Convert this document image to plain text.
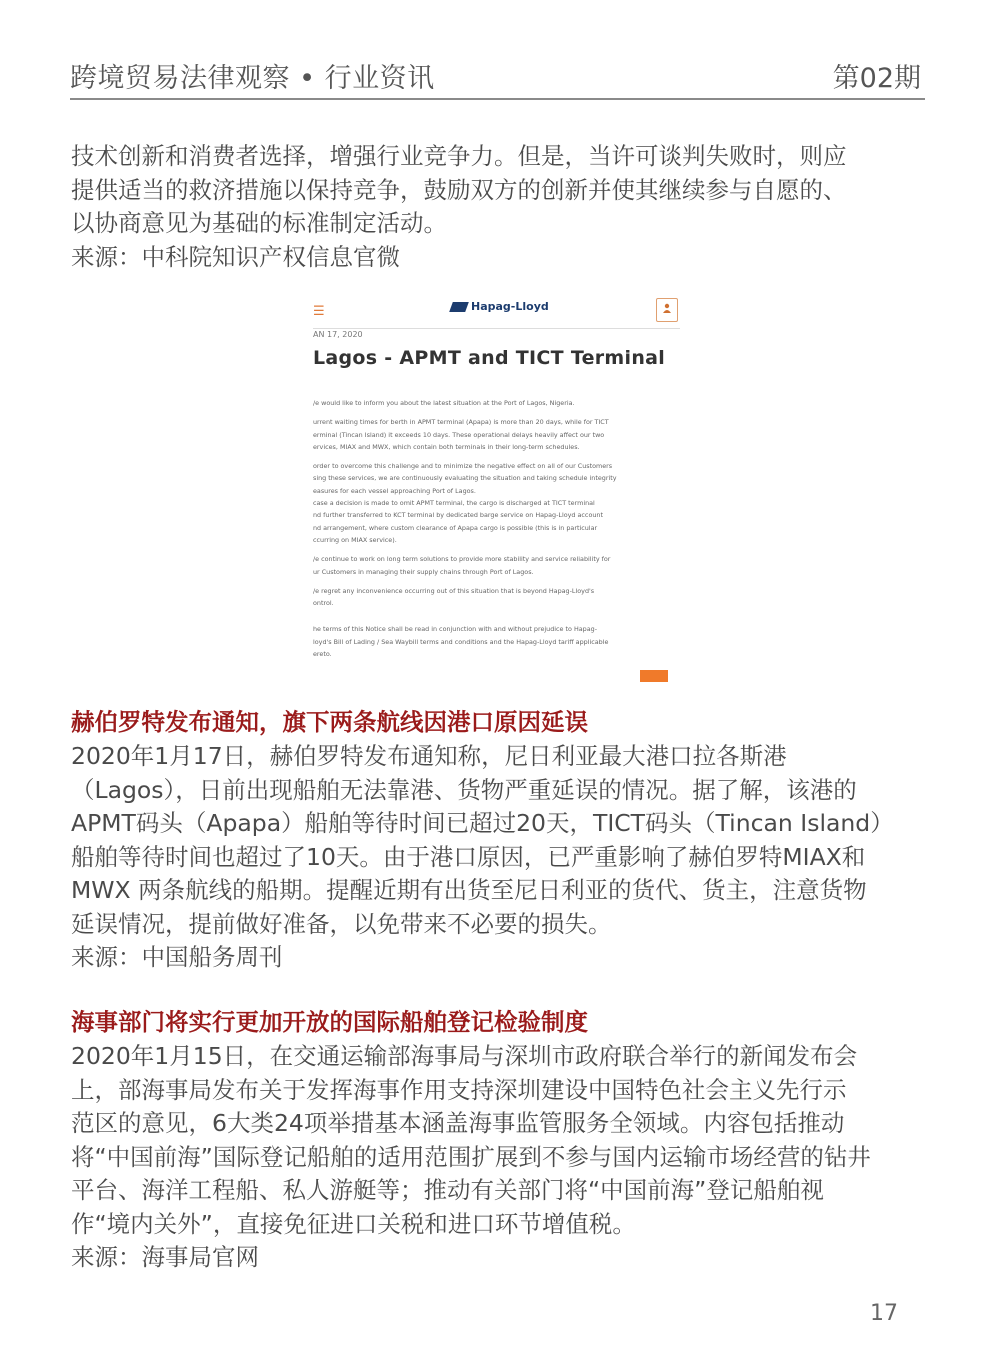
跨境贸易法律观察 • 行业资讯	第02期

技术创新和消费者选择，增强行业竞争力。但是，当许可谈判失败时，则应

提供适当的救济措施以保持竞争，鼓励双方的创新并使其继续参与自愿的、

以协商意见为基础的标准制定活动。

来源：中科院知识产权信息官微

☰	Hapag-Lloyd
AN 17, 2020
Lagos - APMT and TICT Terminal
/e would like to inform you about the latest situation at the Port of Lagos, Nigeria.
urrent waiting times for berth in APMT terminal (Apapa) is more than 20 days, while for TICT
erminal (Tincan Island) it exceeds 10 days. These operational delays heavily affect our two
ervices, MIAX and MWX, which contain both terminals in their long-term schedules.
order to overcome this challenge and to minimize the negative effect on all of our Customers
sing these services, we are continuously evaluating the situation and taking schedule integrity
easures for each vessel approaching Port of Lagos.
case a decision is made to omit APMT terminal, the cargo is discharged at TICT terminal
nd further transferred to KCT terminal by dedicated barge service on Hapag-Lloyd account
nd arrangement, where custom clearance of Apapa cargo is possible (this is in particular
ccurring on MIAX service).
/e continue to work on long term solutions to provide more stability and service reliability for
ur Customers in managing their supply chains through Port of Lagos.
/e regret any inconvenience occurring out of this situation that is beyond Hapag-Lloyd's
ontrol.
he terms of this Notice shall be read in conjunction with and without prejudice to Hapag-
loyd's Bill of Lading / Sea Waybill terms and conditions and the Hapag-Lloyd tariff applicable
ereto.
赫伯罗特发布通知，旗下两条航线因港口原因延误

2020年1月17日，赫伯罗特发布通知称，尼日利亚最大港口拉各斯港

（Lagos），日前出现船舶无法靠港、货物严重延误的情况。据了解，该港的

APMT码头（Apapa）船舶等待时间已超过20天，TICT码头（Tincan Island）

船舶等待时间也超过了10天。由于港口原因，已严重影响了赫伯罗特MIAX和

MWX 两条航线的船期。提醒近期有出货至尼日利亚的货代、货主，注意货物

延误情况，提前做好准备，以免带来不必要的损失。

来源：中国船务周刊

海事部门将实行更加开放的国际船舶登记检验制度

2020年1月15日，在交通运输部海事局与深圳市政府联合举行的新闻发布会

上，部海事局发布关于发挥海事作用支持深圳建设中国特色社会主义先行示

范区的意见，6大类24项举措基本涵盖海事监管服务全领域。内容包括推动

将“中国前海”国际登记船舶的适用范围扩展到不参与国内运输市场经营的钻井

平台、海洋工程船、私人游艇等；推动有关部门将“中国前海”登记船舶视

作“境内关外”，直接免征进口关税和进口环节增值税。

来源：海事局官网

17
